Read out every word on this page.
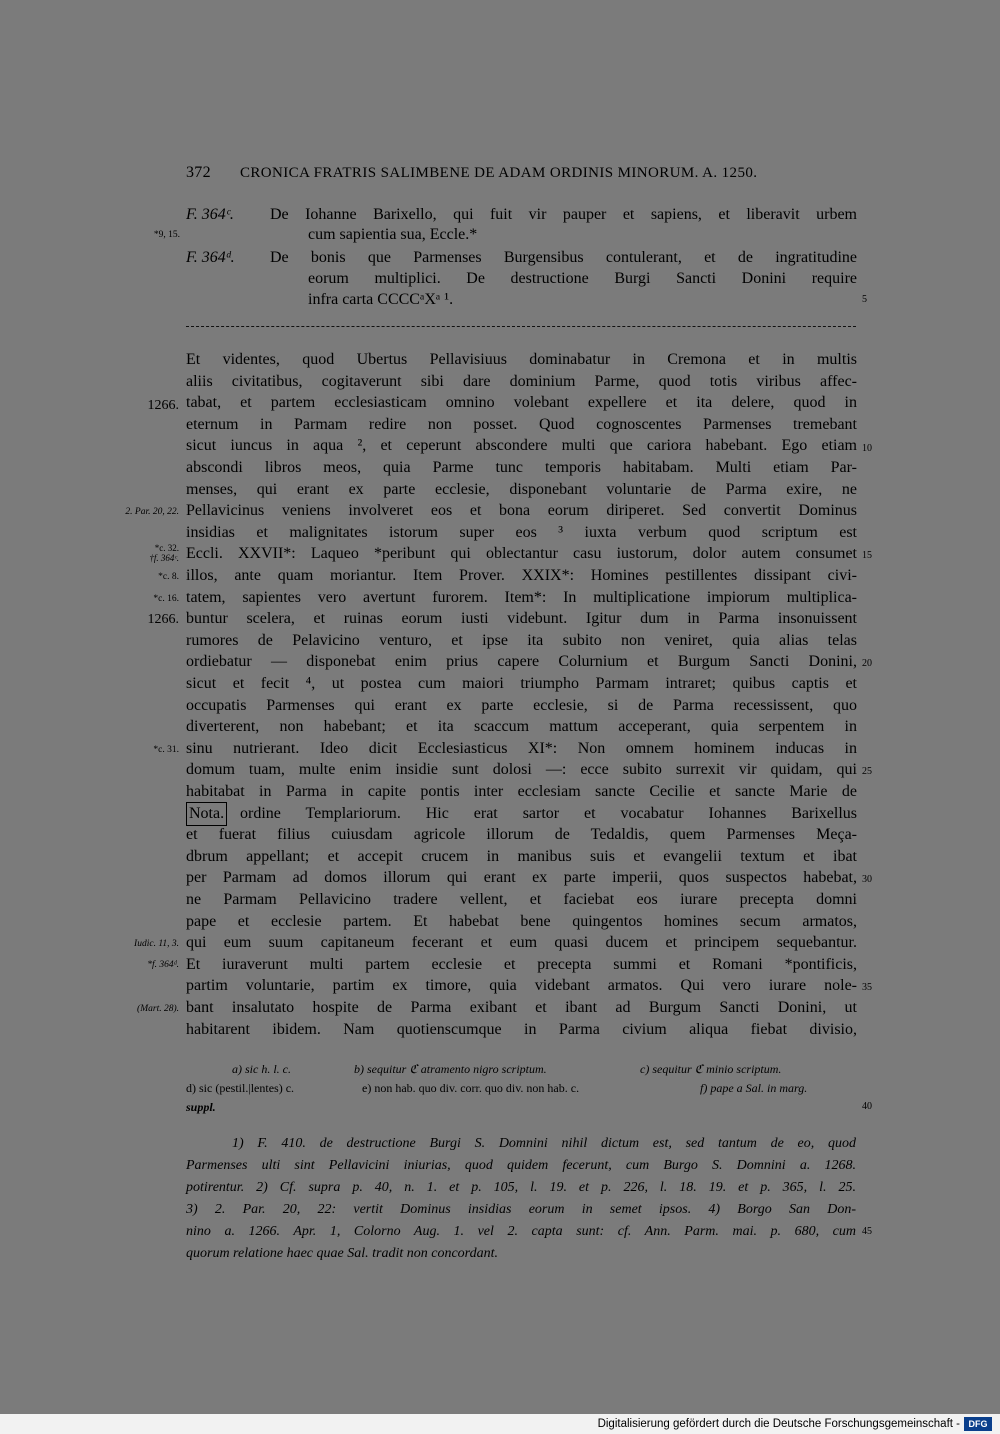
372 CRONICA FRATRIS SALIMBENE DE ADAM ORDINIS MINORUM. A. 1250.
F. 364ᶜ. De Iohanne Barixello, qui fuit vir pauper et sapiens, et liberavit urbem
cum sapientia sua, Eccle.*
*9, 15.
F. 364ᵈ. De bonis que Parmenses Burgensibus contulerant, et de ingratitudine
eorum multiplici. De destructione Burgi Sancti Donini require
infra carta CCCCᵃXᵃ ¹.	5
Et videntes, quod Ubertus Pellavisiuus dominabatur in Cremona et in multis
aliis civitatibus, cogitaverunt sibi dare dominium Parme, quod totis viribus affec-
tabat, et partem ecclesiasticam omnino volebant expellere et ita delere, quod in
eternum in Parmam redire non posset. Quod cognoscentes Parmenses tremebant
sicut iuncus in aqua ², et ceperunt abscondere multi que cariora habebant. Ego etiam
abscondi libros meos, quia Parme tunc temporis habitabam. Multi etiam Par-
menses, qui erant ex parte ecclesie, disponebant voluntarie de Parma exire, ne
Pellavicinus veniens involveret eos et bona eorum diriperet. Sed convertit Dominus
insidias et malignitates istorum super eos ³ iuxta verbum quod scriptum est
Eccli. XXVII*: Laqueo *peribunt qui oblectantur casu iustorum, dolor autem consumet
illos, ante quam moriantur. Item Prover. XXIX*: Homines pestillentes dissipant civi-
tatem, sapientes vero avertunt furorem. Item*: In multiplicatione impiorum multiplica-
buntur scelera, et ruinas eorum iusti videbunt. Igitur dum in Parma insonuissent
rumores de Pelavicino venturo, et ipse ita subito non veniret, quia alias telas
ordiebatur — disponebat enim prius capere Colurnium et Burgum Sancti Donini,
sicut et fecit ⁴, ut postea cum maiori triumpho Parmam intraret; quibus captis et
occupatis Parmenses qui erant ex parte ecclesie, si de Parma recessissent, quo
diverterent, non habebant; et ita scaccum mattum acceperant, quia serpentem in
sinu nutrierant. Ideo dicit Ecclesiasticus XI*: Non omnem hominem inducas in
domum tuam, multe enim insidie sunt dolosi —: ecce subito surrexit vir quidam, qui
habitabat in Parma in capite pontis inter ecclesiam sancte Cecilie et sancte Marie de
Nota. ordine Templariorum. Hic erat sartor et vocabatur Iohannes Barixellus
et fuerat filius cuiusdam agricole illorum de Tedaldis, quem Parmenses Meça-
dbrum appellant; et accepit crucem in manibus suis et evangelii textum et ibat
per Parmam ad domos illorum qui erant ex parte imperii, quos suspectos habebat,
ne Parmam Pellavicino tradere vellent, et faciebat eos iurare precepta domni
pape et ecclesie partem. Et habebat bene quingentos homines secum armatos,
qui eum suum capitaneum fecerant et eum quasi ducem et principem sequebantur.
Et iuraverunt multi partem ecclesie et precepta summi et Romani *pontificis,
partim voluntarie, partim ex timore, quia videbant armatos. Qui vero iurare nole-
bant insalutato hospite de Parma exibant et ibant ad Burgum Sancti Donini, ut
habitarent ibidem. Nam quotienscumque in Parma civium aliqua fiebat divisio,
1266.
2. Par. 20, 22.
*c. 32.
†f. 364ᶜ.
*c. 8.
*c. 16.
1266.
*c. 31.
Iudic. 11, 3.
*f. 364ᵈ.
(Mart. 28).
10
15
20
25
30
35
40
45
a) sic h. l. c.	b) sequitur ℭ atramento nigro scriptum.	c) sequitur ℭ minio scriptum.
d) sic (pestil.|lentes) c.	e) non hab. quo div. corr. quo div. non hab. c.	f) pape a Sal. in marg.
suppl.
1) F. 410. de destructione Burgi S. Domnini nihil dictum est, sed tantum de eo, quod
Parmenses ulti sint Pellavicini iniurias, quod quidem fecerunt, cum Burgo S. Domnini a. 1268.
potirentur. 2) Cf. supra p. 40, n. 1. et p. 105, l. 19. et p. 226, l. 18. 19. et p. 365, l. 25.
3) 2. Par. 20, 22: vertit Dominus insidias eorum in semet ipsos. 4) Borgo San Don-
nino a. 1266. Apr. 1, Colorno Aug. 1. vel 2. capta sunt: cf. Ann. Parm. mai. p. 680, cum
quorum relatione haec quae Sal. tradit non concordant.
Digitalisierung gefördert durch die Deutsche Forschungsgemeinschaft - DFG
